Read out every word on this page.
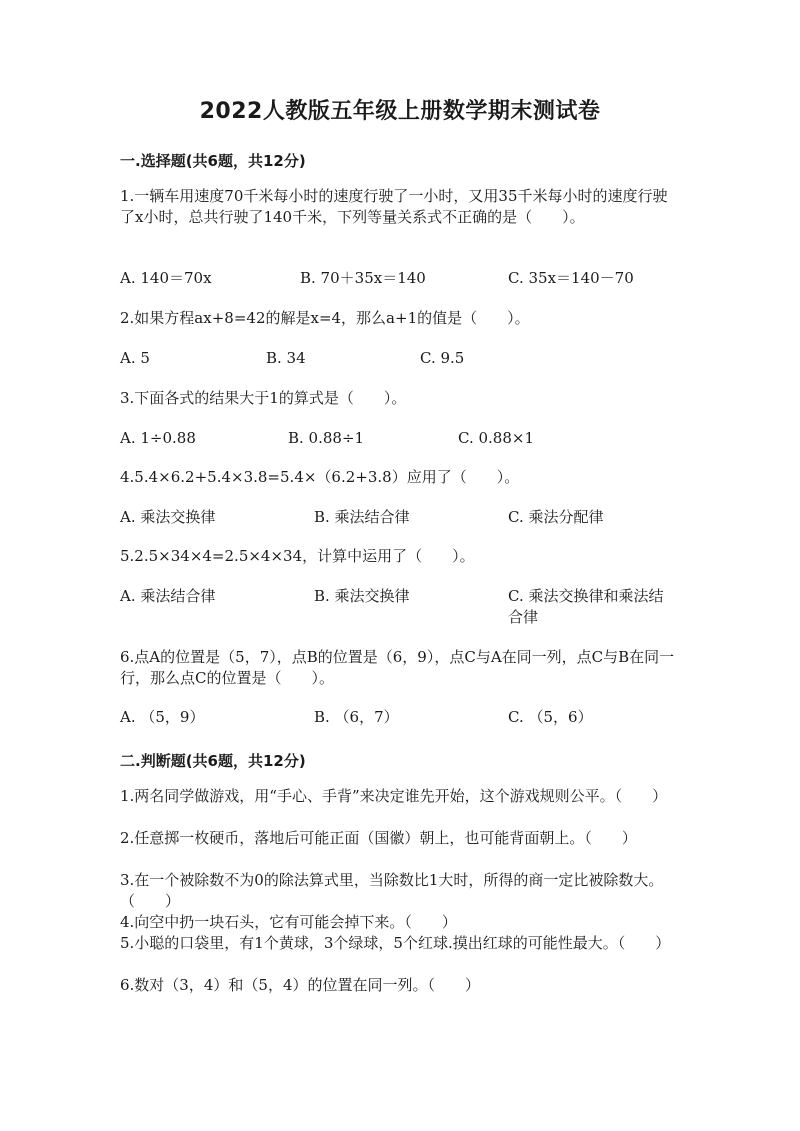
2022人教版五年级上册数学期末测试卷
一.选择题(共6题，共12分)
1.一辆车用速度70千米每小时的速度行驶了一小时，又用35千米每小时的速度行驶了x小时，总共行驶了140千米，下列等量关系式不正确的是（　　）。
A. 140＝70x	B. 70＋35x＝140	C. 35x＝140－70
2.如果方程ax+8=42的解是x=4，那么a+1的值是（　　）。
A. 5	B. 34	C. 9.5
3.下面各式的结果大于1的算式是（　　）。
A. 1÷0.88	B. 0.88÷1	C. 0.88×1
4.5.4×6.2+5.4×3.8=5.4×（6.2+3.8）应用了（　　）。
A. 乘法交换律	B. 乘法结合律	C. 乘法分配律
5.2.5×34×4=2.5×4×34，计算中运用了（　　）。
A. 乘法结合律	B. 乘法交换律	C. 乘法交换律和乘法结合律
6.点A的位置是（5，7），点B的位置是（6，9），点C与A在同一列，点C与B在同一行，那么点C的位置是（　　）。
A. （5，9）	B. （6，7）	C. （5，6）
二.判断题(共6题，共12分)
1.两名同学做游戏，用“手心、手背”来决定谁先开始，这个游戏规则公平。（　　）
2.任意掷一枚硬币，落地后可能正面（国徽）朝上，也可能背面朝上。（　　）
3.在一个被除数不为0的除法算式里，当除数比1大时，所得的商一定比被除数大。（　　）
4.向空中扔一块石头，它有可能会掉下来。（　　）
5.小聪的口袋里，有1个黄球，3个绿球，5个红球.摸出红球的可能性最大。（　　）
6.数对（3，4）和（5，4）的位置在同一列。（　　）
